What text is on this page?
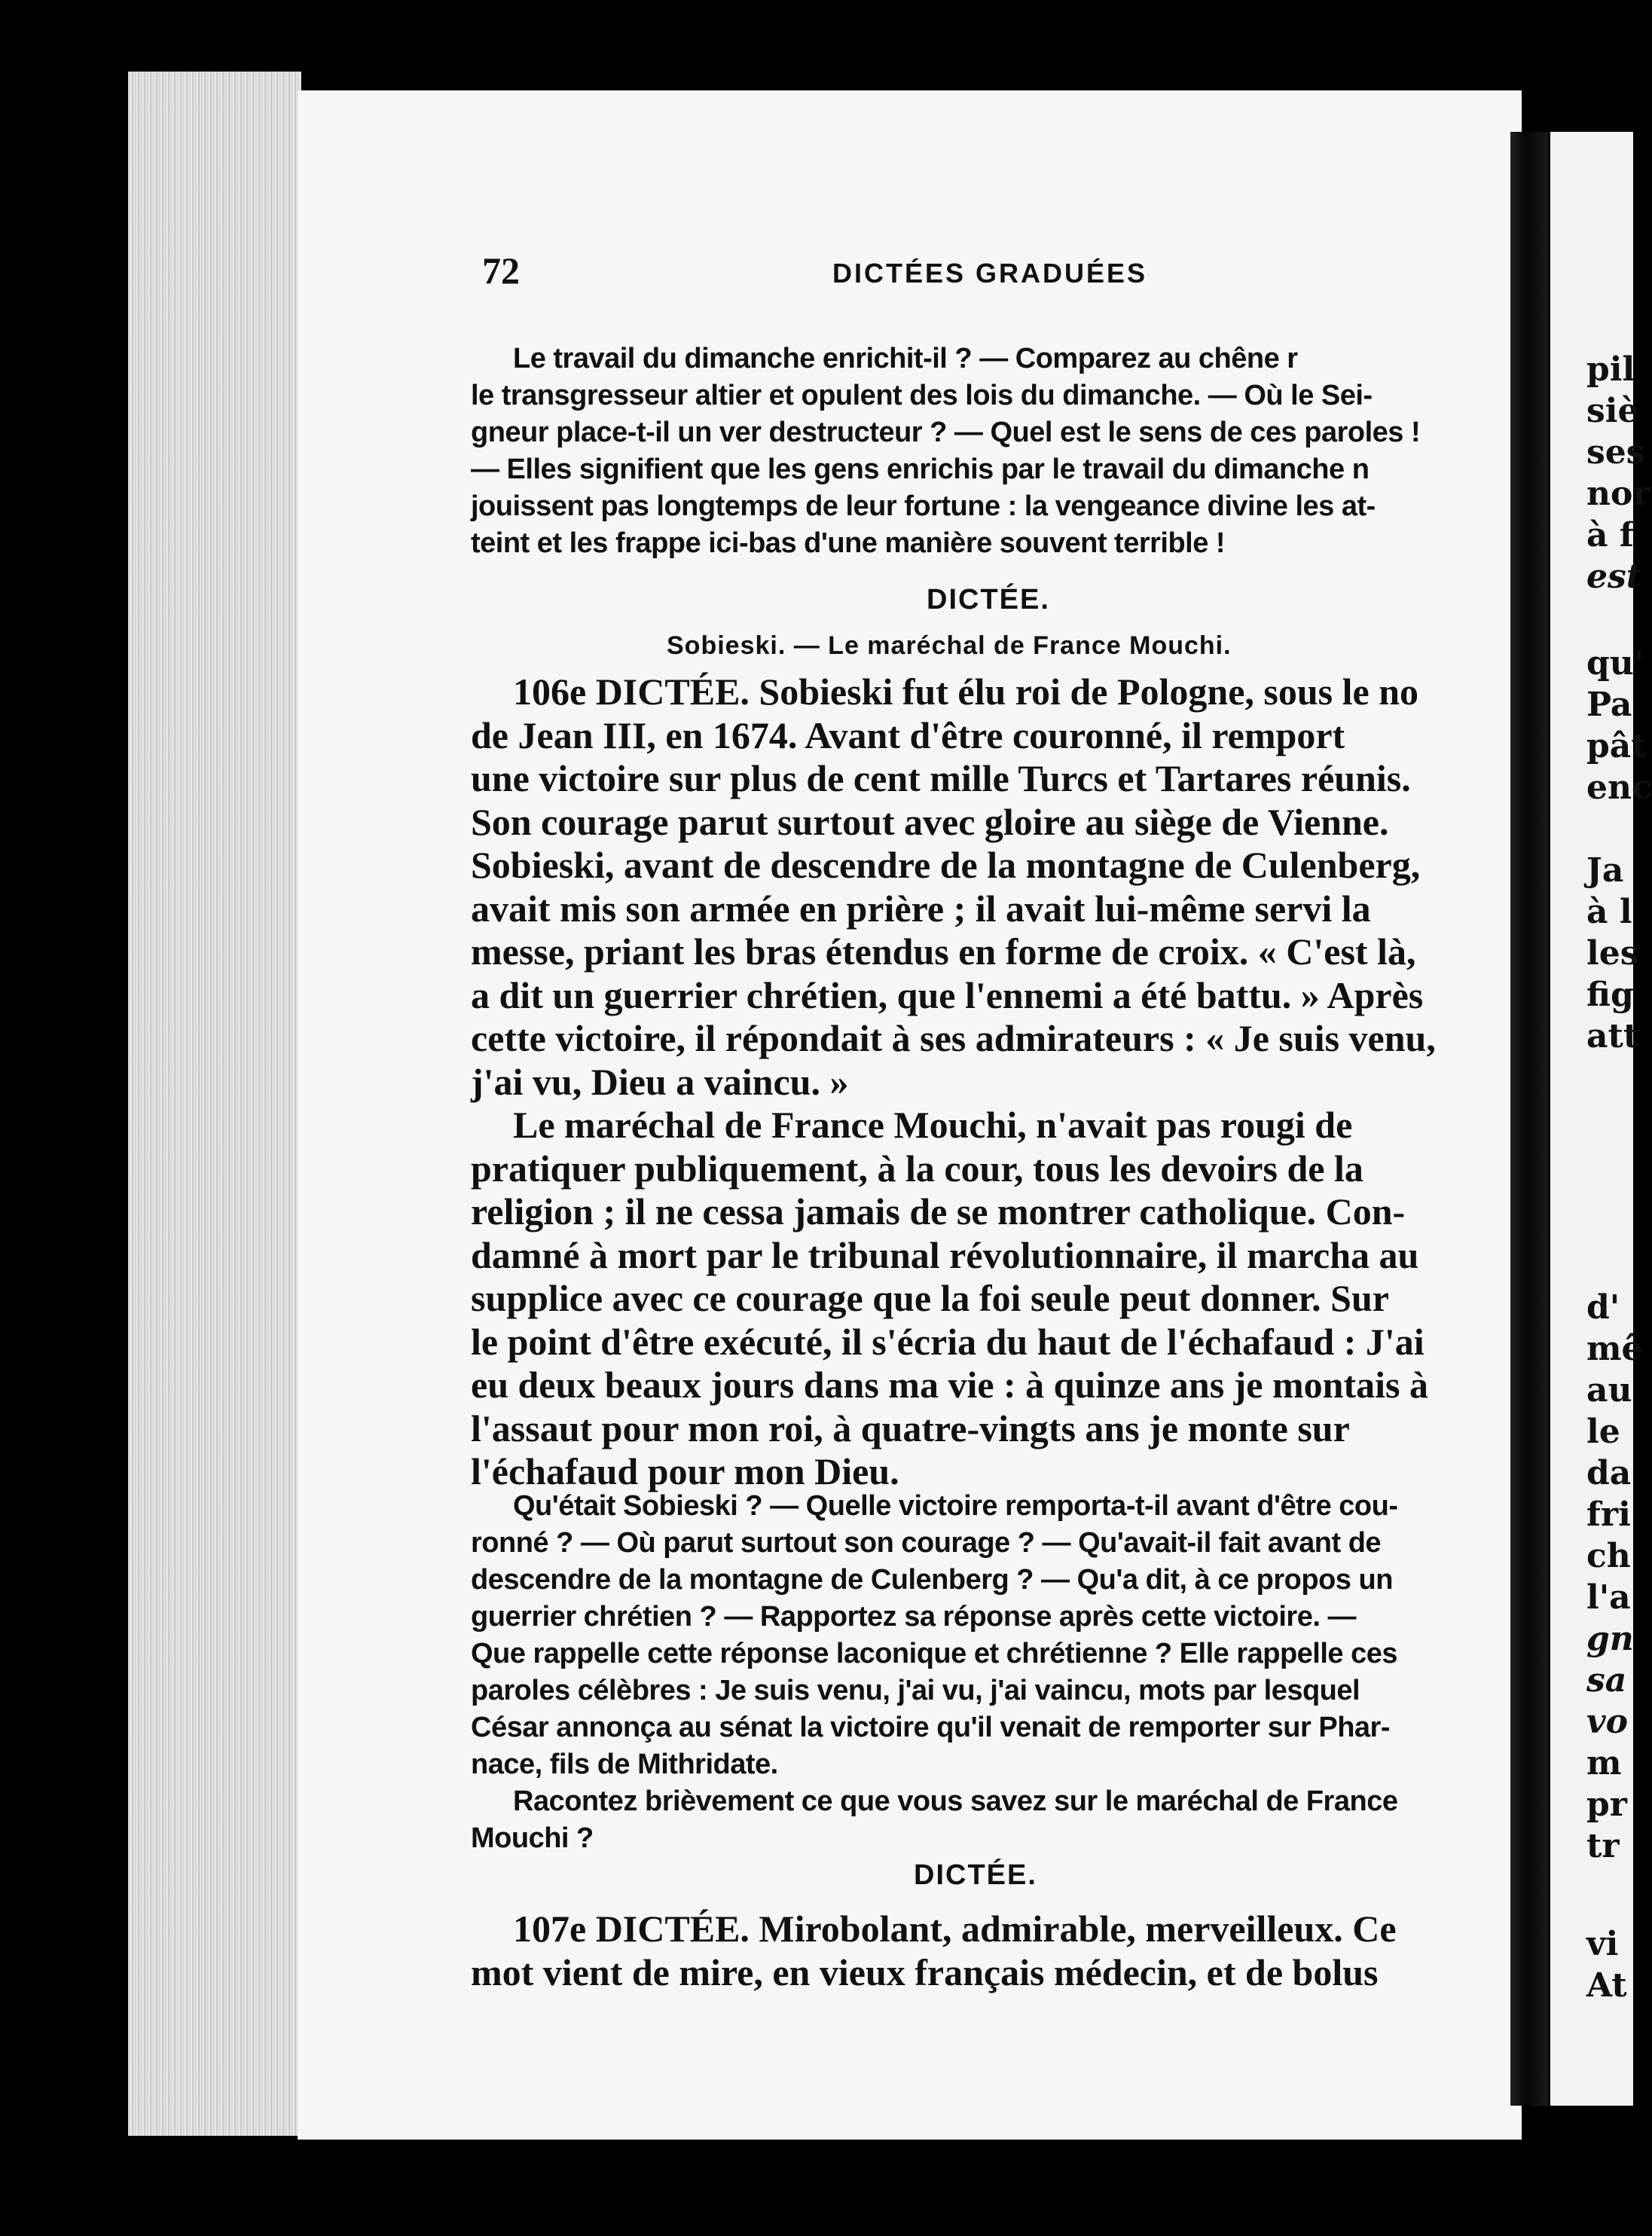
72	DICTÉES GRADUÉES
Le travail du dimanche enrichit-il ? — Comparez au chêne r
le transgresseur altier et opulent des lois du dimanche. — Où le Sei-
gneur place-t-il un ver destructeur ? — Quel est le sens de ces paroles !
— Elles signifient que les gens enrichis par le travail du dimanche n
jouissent pas longtemps de leur fortune : la vengeance divine les at-
teint et les frappe ici-bas d'une manière souvent terrible !
DICTÉE.
Sobieski. — Le maréchal de France Mouchi.
106e DICTÉE. Sobieski fut élu roi de Pologne, sous le no
de Jean III, en 1674. Avant d'être couronné, il remport
une victoire sur plus de cent mille Turcs et Tartares réunis.
Son courage parut surtout avec gloire au siège de Vienne.
Sobieski, avant de descendre de la montagne de Culenberg,
avait mis son armée en prière ; il avait lui-même servi la
messe, priant les bras étendus en forme de croix. « C'est là,
a dit un guerrier chrétien, que l'ennemi a été battu. » Après
cette victoire, il répondait à ses admirateurs : « Je suis venu,
j'ai vu, Dieu a vaincu. »
Le maréchal de France Mouchi, n'avait pas rougi de
pratiquer publiquement, à la cour, tous les devoirs de la
religion ; il ne cessa jamais de se montrer catholique. Con-
damné à mort par le tribunal révolutionnaire, il marcha au
supplice avec ce courage que la foi seule peut donner. Sur
le point d'être exécuté, il s'écria du haut de l'échafaud : J'ai
eu deux beaux jours dans ma vie : à quinze ans je montais à
l'assaut pour mon roi, à quatre-vingts ans je monte sur
l'échafaud pour mon Dieu.
Qu'était Sobieski ? — Quelle victoire remporta-t-il avant d'être cou-
ronné ? — Où parut surtout son courage ? — Qu'avait-il fait avant de
descendre de la montagne de Culenberg ? — Qu'a dit, à ce propos un
guerrier chrétien ? — Rapportez sa réponse après cette victoire. —
Que rappelle cette réponse laconique et chrétienne ? Elle rappelle ces
paroles célèbres : Je suis venu, j'ai vu, j'ai vaincu, mots par lesquel
César annonça au sénat la victoire qu'il venait de remporter sur Phar-
nace, fils de Mithridate.
Racontez brièvement ce que vous savez sur le maréchal de France
Mouchi ?
DICTÉE.
107e DICTÉE. Mirobolant, admirable, merveilleux. Ce
mot vient de mire, en vieux français médecin, et de bolus
pil
siè
ses
nor
à f
est
qu'
Pa
pât
enc
Ja
à l
les
fig
att
d'
mê
au
le
da
fri
ch
l'a
gn
sa
vo
m
pr
tr
vi
At
